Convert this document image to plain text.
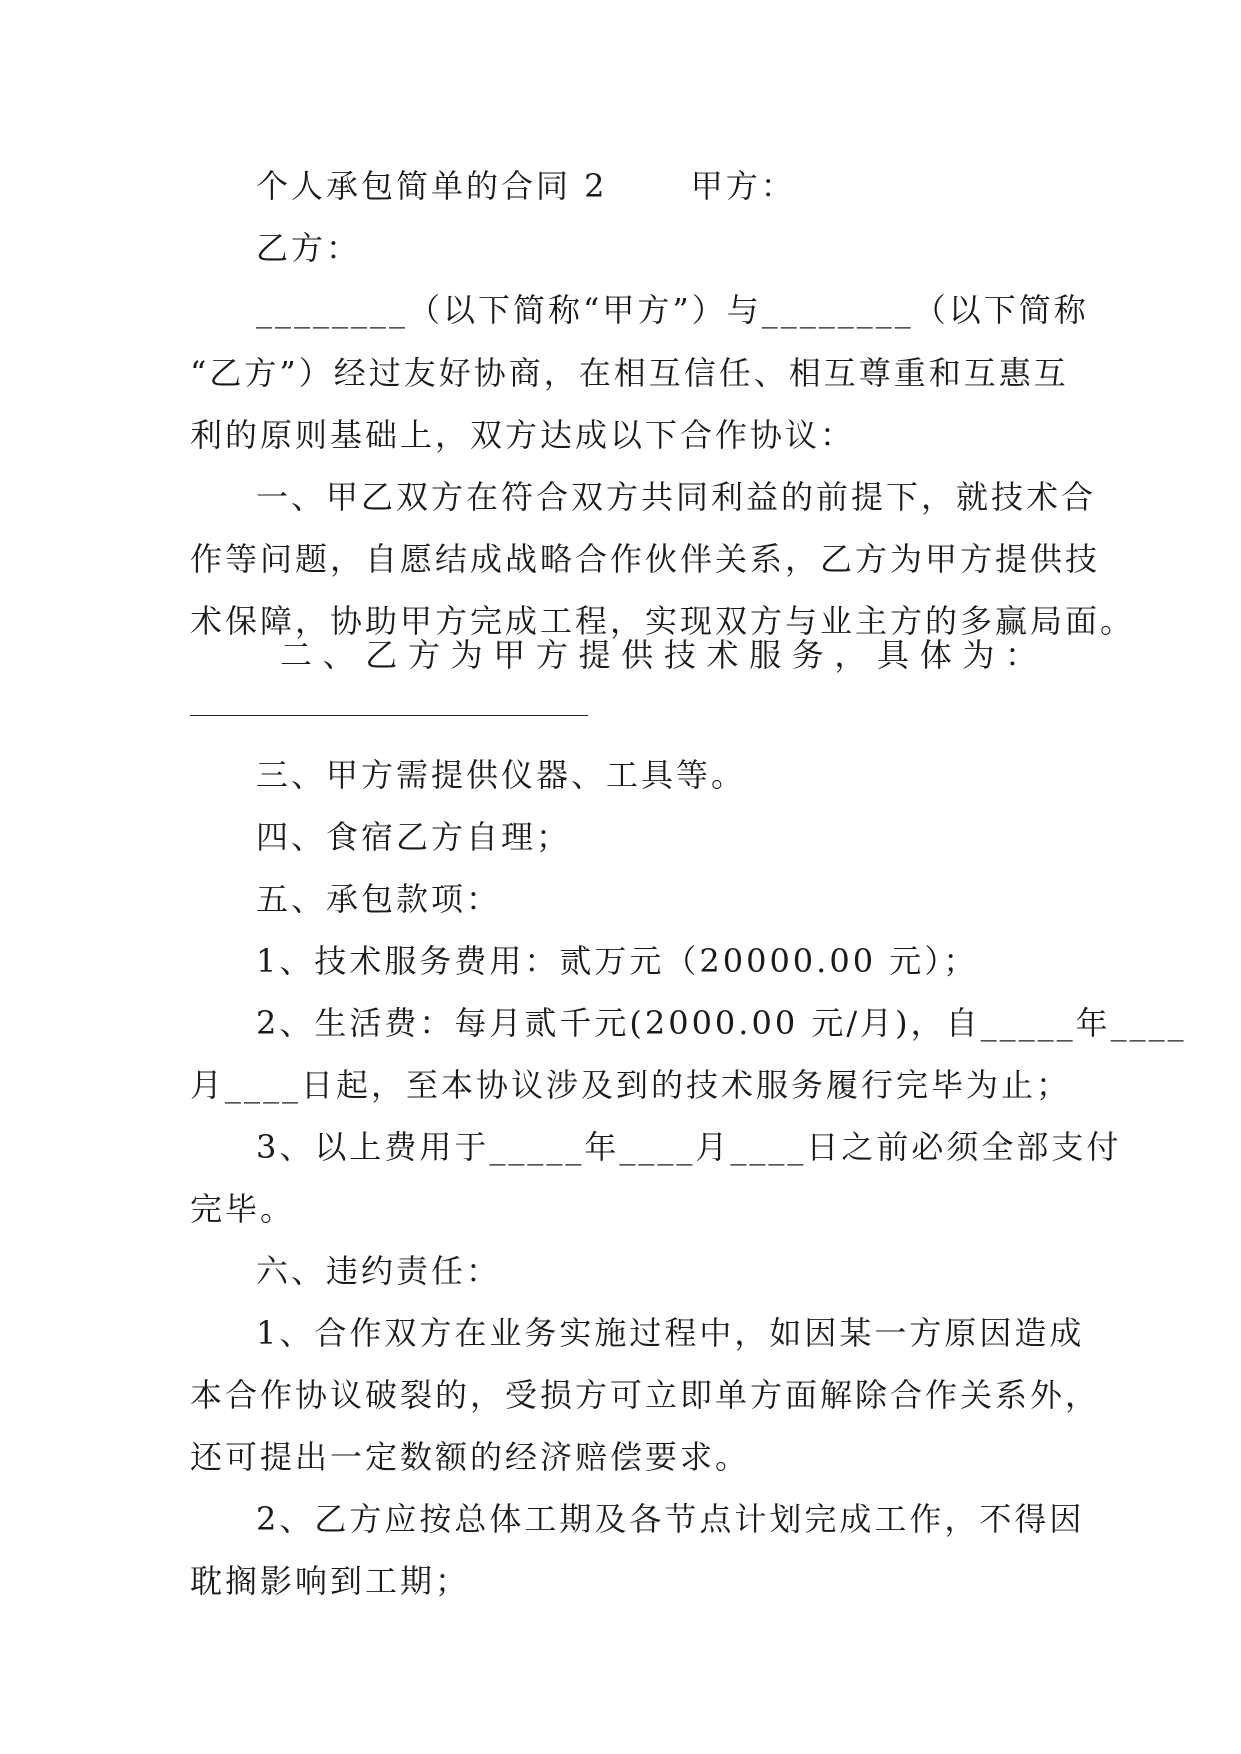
个人承包简单的合同 2　　 甲方：
乙方：
________（以下简称“甲方”）与________（以下简称
“乙方”）经过友好协商，在相互信任、相互尊重和互惠互
利的原则基础上，双方达成以下合作协议：
一、甲乙双方在符合双方共同利益的前提下，就技术合
作等问题，自愿结成战略合作伙伴关系，乙方为甲方提供技
术保障，协助甲方完成工程，实现双方与业主方的多赢局面。
二、乙方为甲方提供技术服务，具体为：
三、甲方需提供仪器、工具等。
四、食宿乙方自理；
五、承包款项：
1、技术服务费用：贰万元（20000.00 元）；
2、生活费：每月贰千元(2000.00 元/月)，自_____年____
月____日起，至本协议涉及到的技术服务履行完毕为止；
3、以上费用于_____年____月____日之前必须全部支付
完毕。
六、违约责任：
1、合作双方在业务实施过程中，如因某一方原因造成
本合作协议破裂的，受损方可立即单方面解除合作关系外，
还可提出一定数额的经济赔偿要求。
2、乙方应按总体工期及各节点计划完成工作，不得因
耽搁影响到工期；
